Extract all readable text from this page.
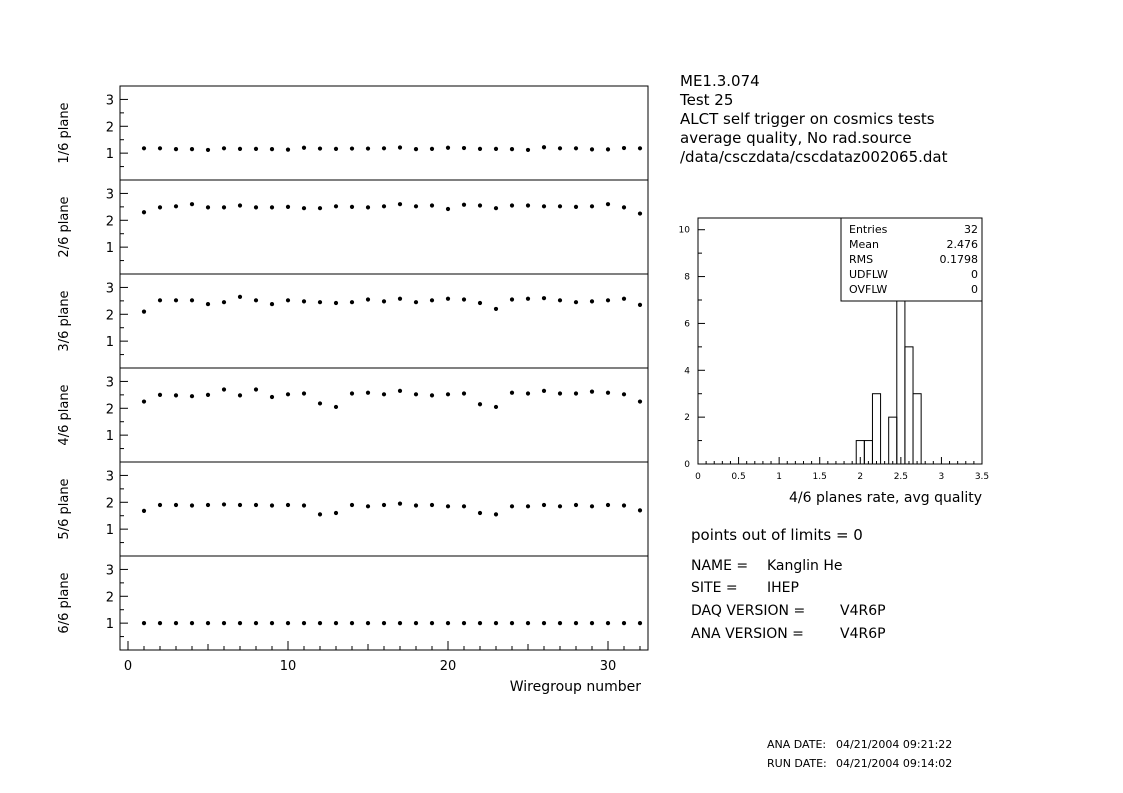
ME1.3.074
Test 25
ALCT self trigger on cosmics tests
average quality, No rad.source
/data/csczdata/cscdataz002065.dat
1
2
3
1/6 plane
1
2
3
2/6 plane
1
2
3
3/6 plane
1
2
3
4/6 plane
1
2
3
5/6 plane
1
2
3
6/6 plane
0	10	20	30
Wiregroup number
0
2
4
6
8
10
0	0.5	1	1.5	2	2.5	3	3.5
Entries	32
Mean	2.476
RMS	0.1798
UDFLW	0
OVFLW	0
4/6 planes rate, avg quality
points out of limits = 0
NAME = Kanglin He
SITE = IHEP
DAQ VERSION = V4R6P
ANA VERSION =	V4R6P
ANA DATE: 04/21/2004 09:21:22
RUN DATE: 04/21/2004 09:14:02
